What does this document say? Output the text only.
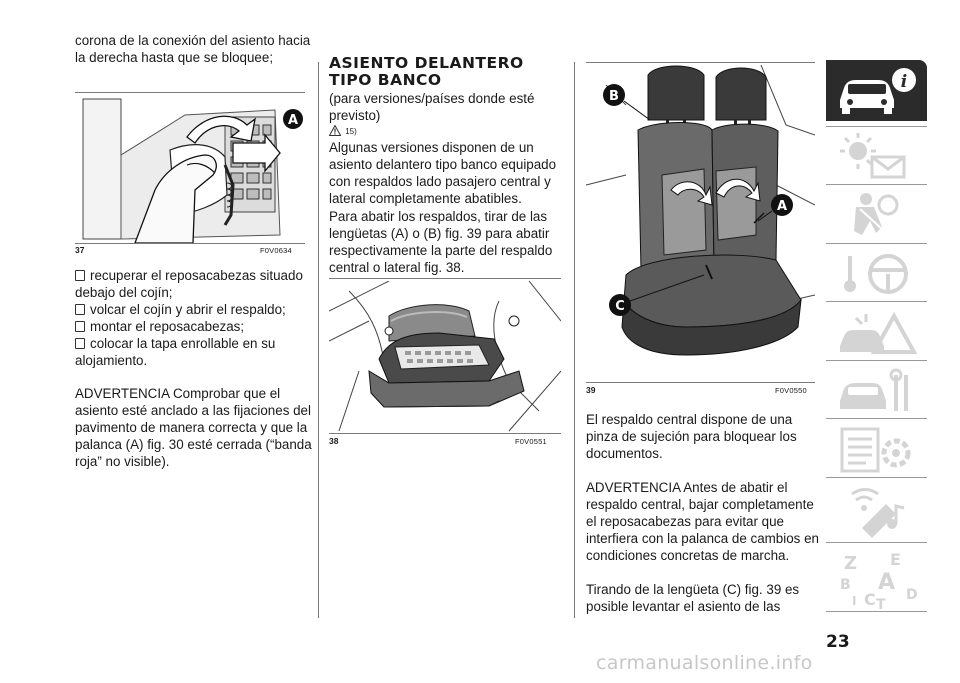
corona de la conexión del asiento hacia

la derecha hasta que se bloquee;

A
37	F0V0634

recuperar el reposacabezas situado

debajo del cojín;

volcar el cojín y abrir el respaldo;

montar el reposacabezas;

colocar la tapa enrollable en su

alojamiento.

ADVERTENCIA Comprobar que el

asiento esté anclado a las fijaciones del

pavimento de manera correcta y que la

palanca (A) fig. 30 esté cerrada (“banda

roja” no visible).

ASIENTO DELANTERO

TIPO BANCO

(para versiones/países donde esté

previsto)

15)

Algunas versiones disponen de un

asiento delantero tipo banco equipado

con respaldos lado pasajero central y

lateral completamente abatibles.

Para abatir los respaldos, tirar de las

lengüetas (A) o (B) fig. 39 para abatir

respectivamente la parte del respaldo

central o lateral fig. 38.

38	F0V0551
B
A
C
39	F0V0550

El respaldo central dispone de una

pinza de sujeción para bloquear los

documentos.

ADVERTENCIA Antes de abatir el

respaldo central, bajar completamente

el reposacabezas para evitar que

interfiera con la palanca de cambios en

condiciones concretas de marcha.

Tirando de la lengüeta (C) fig. 39 es

posible levantar el asiento de las

i
Z E
B A
C T
D
I
23
carmanualsonline.info
